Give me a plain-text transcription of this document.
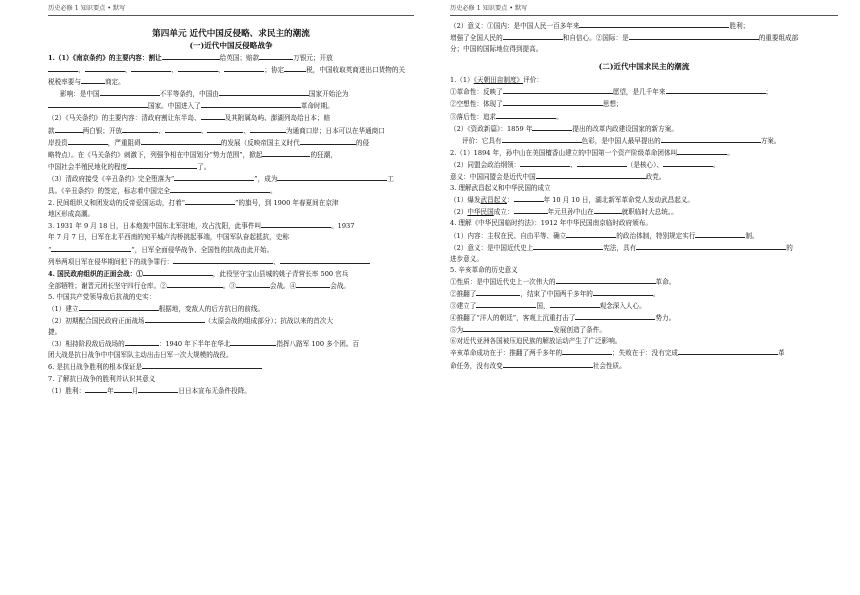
历史必修 1 知识要点 • 默写
第四单元 近代中国反侵略、求民主的潮流
(一)近代中国反侵略战争
1.（1）《南京条约》的主要内容：割让	给英国；赔款	万银元；开放
、	、	、	、	；协定	税，中国收取英商进出口货物的关
税税率要与	商定。
影响：是中国	不平等条约，中国由	国家开始沦为
国家。中国进入了	革命时期。
（2）《马关条约》的主要内容：清政府割让东半岛、	及其附属岛屿、澎湖列岛给日本；赔
款	两白银；开放	、	、	、	为通商口岸；日本可以在华通商口
岸投资	，严重阻碍	的发展（反映帝国主义时代	的侵
略特点）。在《马关条约》刺激下，列强争相在中国划分“势力范围”，掀起	的狂潮，
中国社会半殖民地化的程度	了。
（3）清政府接受《辛丑条约》完全堕落为“	”，成为	工
具。《辛丑条约》的签定，标志着中国完全	。
2. 民间组织义和团发动的反帝爱国运动，打着“	”的旗号，到 1900 年春夏间在京津
地区形成高潮。
3. 1931 年 9 月 18 日，日本炮轰中国东北军驻地，攻占沈阳，此事件叫	。1937
年 7 月 7 日，日军在北平西南的宛平城卢沟桥挑起事端，中国军队奋起抵抗，史称
“	”，日军全面侵华战争、全国性的抗战由此开始。
列举两项日军在侵华期间犯下的战争罪行：	、
4. 国民政府组织的正面会战：①	，此役坚守宝山县城的姚子青营长率 500 官兵
全部牺牲；谢晋元团长坚守四行仓库。②	。③	会战。④	会战。
5. 中国共产党领导敌后抗战的史实：
（1）建立	根据地，变敌人的后方抗日的前线。
（2）初期配合国民政府正面战场	（太原会战的组成部分）；抗战以来的首次大
捷。
（3）相持阶段敌后战场的	：1940 年下半年在华北	指挥八路军 100 多个团。百
团大战是抗日战争中中国军队主动出击日军一次大规模的战役。
6. 是抗日战争胜利的根本保证是
7. 了解抗日战争的胜利并认识其意义
（1）胜利：	年	月	日日本宣布无条件投降。
历史必修 1 知识要点 • 默写
（2）意义：①国内：是中国人民一百多年来	胜利；
增强了全国人民的	和自信心。②国际：是	的重要组成部
分；中国的国际地位得到提高。
(二)近代中国求民主的潮流
1.（1）《天朝田亩制度》评价：
①革命性：反映了	愿望，是几千年来	；
②空想性：体现了	思想；
③落后性：追求	。
（2）《资政新篇》：1859 年	提出的改革内政建设国家的新方案。
评价：它具有	色彩，是中国人最早提出的	方案。
2.（1）1894 年，孙中山在美国檀香山建立的中国第一个资产阶级革命团体叫	。
（2）同盟会政治纲领：	、	（是核心）、	。
意义：中国同盟会是近代中国	政党。
3. 理解武昌起义和中华民国的成立
（1）爆发武昌起义：	年 10 月 10 日，湖北新军革命党人发动武昌起义。
（2）中华民国成立：	年元旦孙中山在	就职临时大总统。。
4. 理解《中华民国临时约法》：1912 年中华民国南京临时政府颁布。
（1）内容：主权在民、自由平等、确立	的政治体制，特别规定实行	制。
（2）意义：是中国近代史上	宪法，具有	的
进步意义。
5. 辛亥革命的历史意义
①性质：是中国近代史上一次伟大的	革命。
②推翻了	，结束了中国两千多年的	。
③建立了	国，	观念深入人心。
④推翻了“洋人的朝廷”，客观上沉重打击了	势力。
⑤为	发展创造了条件。
⑥对近代亚洲各国被压迫民族的解放运动产生了广泛影响。
辛亥革命成功在于：推翻了两千多年的	；失败在于：没有完成	革
命任务，没有改变	社会性质。
